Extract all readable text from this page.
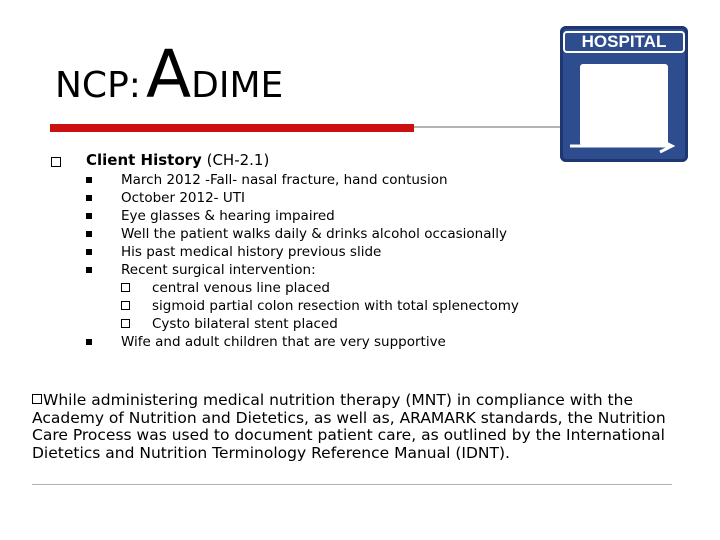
NCP: ADIME
HOSPITAL
Client History (CH-2.1)
March 2012 -Fall- nasal fracture, hand contusion
October 2012- UTI
Eye glasses & hearing impaired
Well the patient walks daily & drinks alcohol occasionally
His past medical history previous slide
Recent surgical intervention:
central venous line placed
sigmoid partial colon resection with total splenectomy
Cysto bilateral stent placed
Wife and adult children that are very supportive
While administering medical nutrition therapy (MNT) in compliance with the Academy of Nutrition and Dietetics, as well as, ARAMARK standards, the Nutrition Care Process was used to document patient care, as outlined by the International Dietetics and Nutrition Terminology Reference Manual (IDNT).
